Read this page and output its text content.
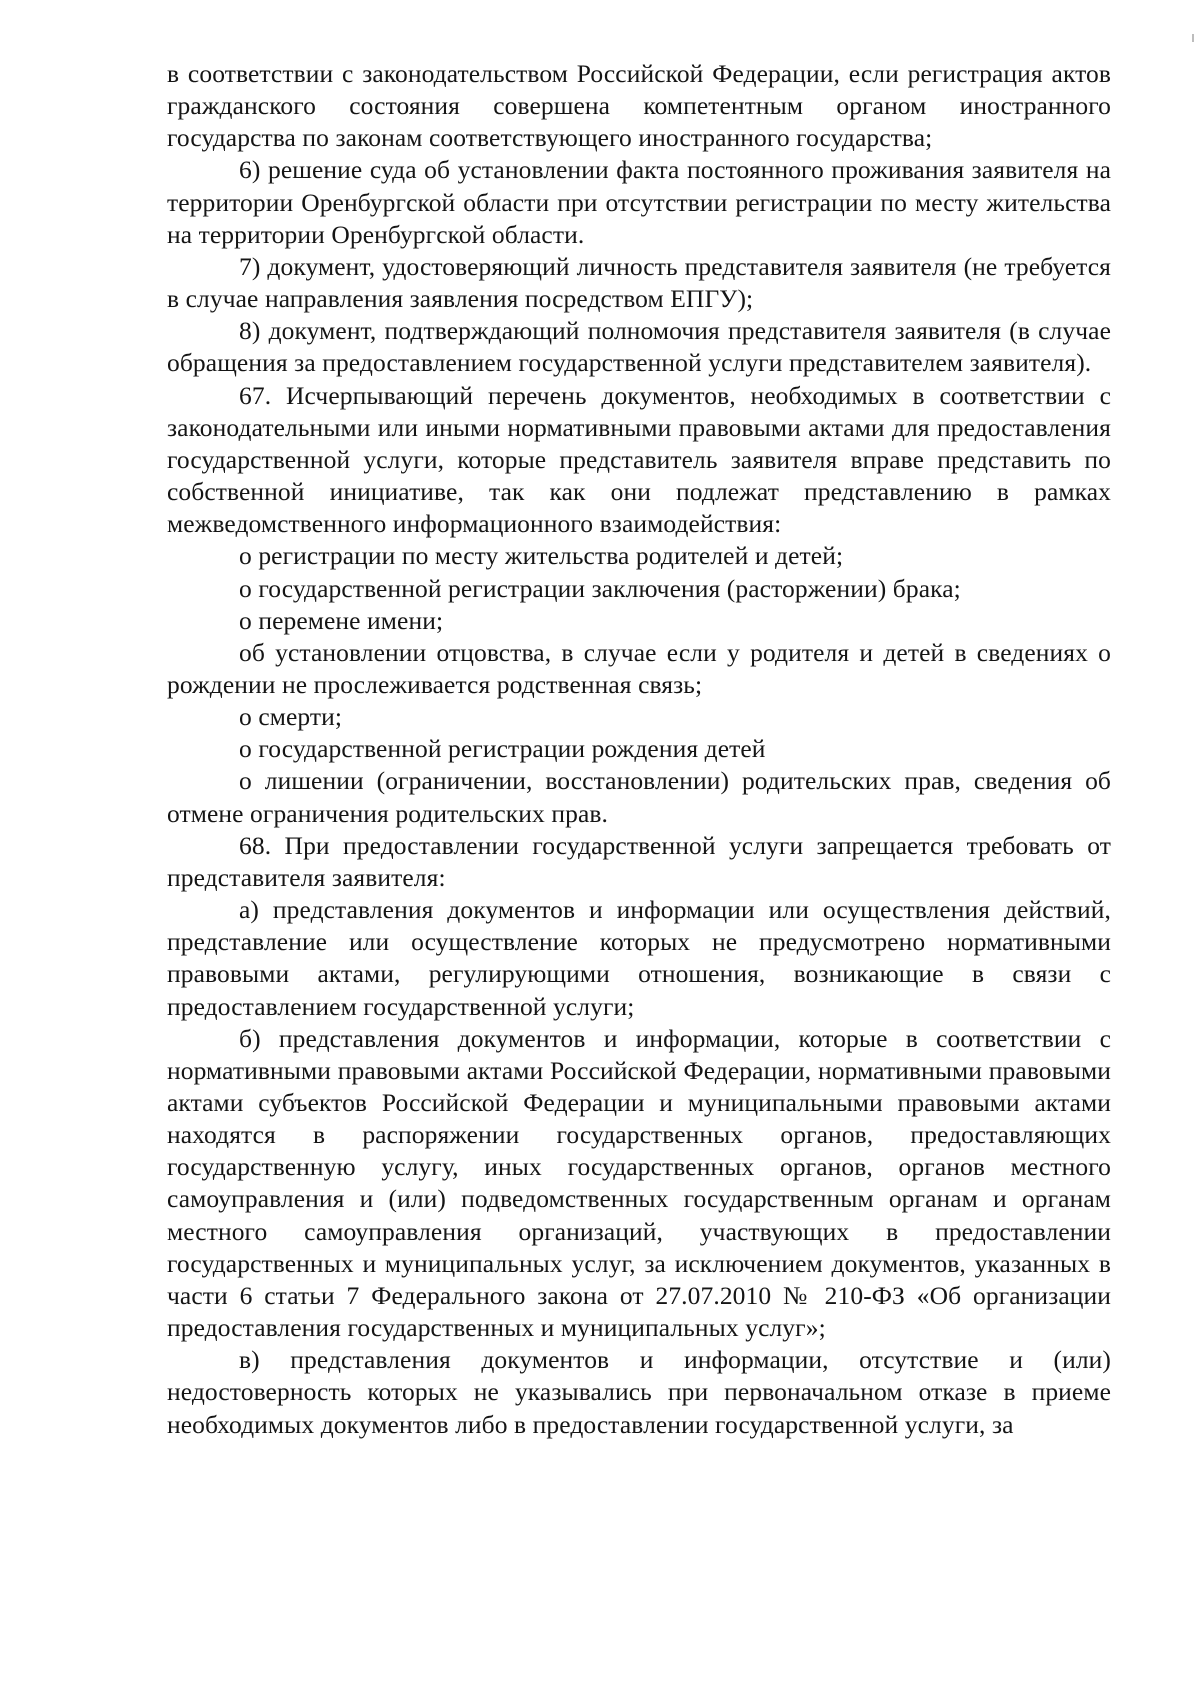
в соответствии с законодательством Российской Федерации, если регистрация актов гражданского состояния совершена компетентным органом иностранного государства по законам соответствующего иностранного государства;

6) решение суда об установлении факта постоянного проживания заявителя на территории Оренбургской области при отсутствии регистрации по месту жительства на территории Оренбургской области.

7) документ, удостоверяющий личность представителя заявителя (не требуется в случае направления заявления посредством ЕПГУ);

8) документ, подтверждающий полномочия представителя заявителя (в случае обращения за предоставлением государственной услуги представителем заявителя).

67. Исчерпывающий перечень документов, необходимых в соответствии с законодательными или иными нормативными правовыми актами для предоставления государственной услуги, которые представитель заявителя вправе представить по собственной инициативе, так как они подлежат представлению в рамках межведомственного информационного взаимодействия:

о регистрации по месту жительства родителей и детей;

о государственной регистрации заключения (расторжении) брака;

о перемене имени;

об установлении отцовства, в случае если у родителя и детей в сведениях о рождении не прослеживается родственная связь;

о смерти;

о государственной регистрации рождения детей

о лишении (ограничении, восстановлении) родительских прав, сведения об отмене ограничения родительских прав.

68. При предоставлении государственной услуги запрещается требовать от представителя заявителя:

а) представления документов и информации или осуществления действий, представление или осуществление которых не предусмотрено нормативными правовыми актами, регулирующими отношения, возникающие в связи с предоставлением государственной услуги;

б) представления документов и информации, которые в соответствии с нормативными правовыми актами Российской Федерации, нормативными правовыми актами субъектов Российской Федерации и муниципальными правовыми актами находятся в распоряжении государственных органов, предоставляющих государственную услугу, иных государственных органов, органов местного самоуправления и (или) подведомственных государственным органам и органам местного самоуправления организаций, участвующих в предоставлении государственных и муниципальных услуг, за исключением документов, указанных в части 6 статьи 7 Федерального закона от 27.07.2010 № 210-ФЗ «Об организации предоставления государственных и муниципальных услуг»;

в) представления документов и информации, отсутствие и (или) недостоверность которых не указывались при первоначальном отказе в приеме необходимых документов либо в предоставлении государственной услуги, за
